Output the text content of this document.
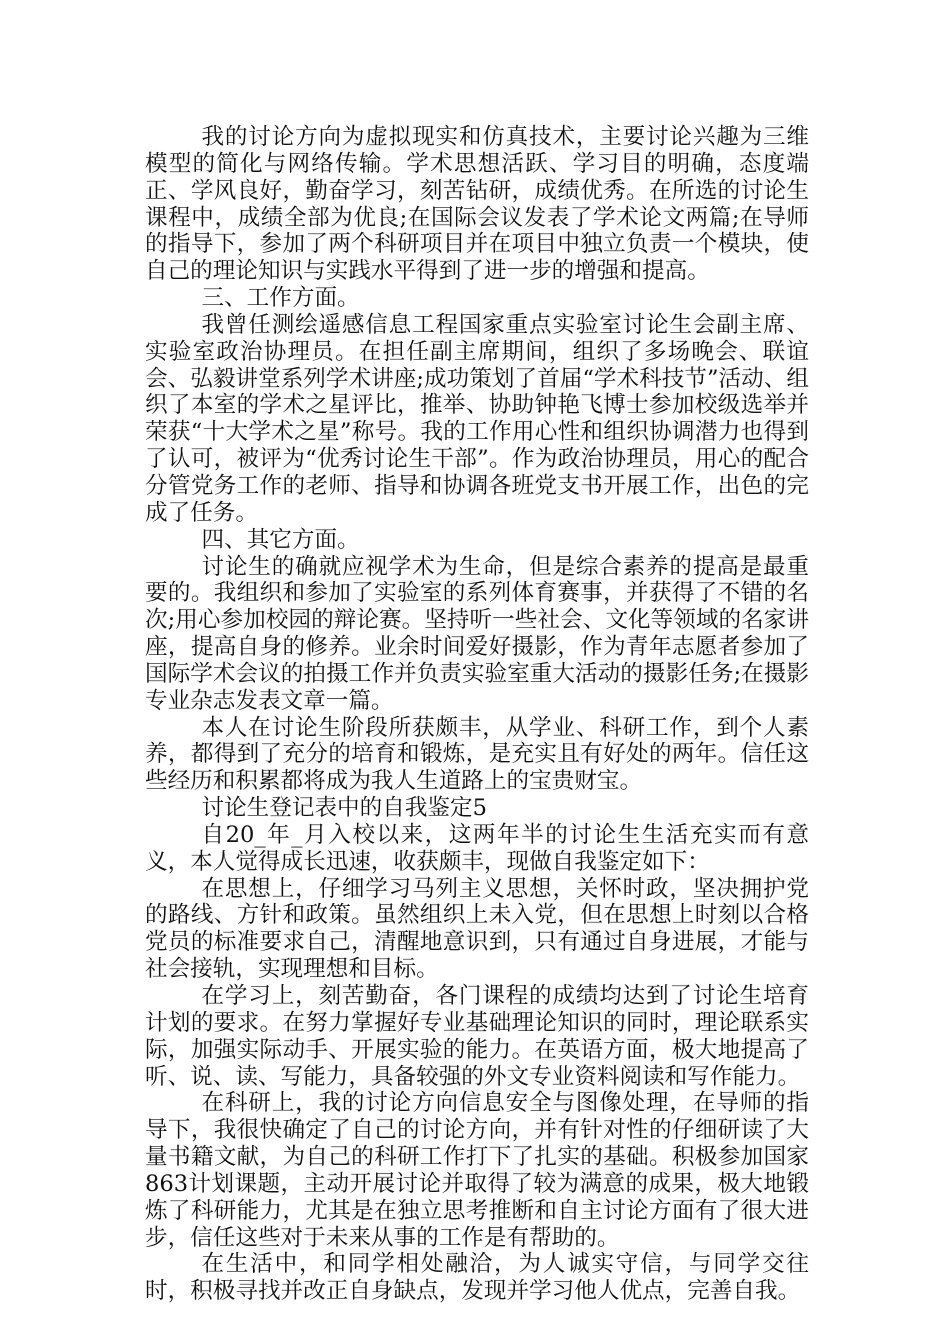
我的讨论方向为虚拟现实和仿真技术，主要讨论兴趣为三维模型的简化与网络传输。学术思想活跃、学习目的明确，态度端正、学风良好，勤奋学习，刻苦钻研，成绩优秀。在所选的讨论生课程中，成绩全部为优良;在国际会议发表了学术论文两篇;在导师的指导下，参加了两个科研项目并在项目中独立负责一个模块，使自己的理论知识与实践水平得到了进一步的增强和提高。

三、工作方面。

我曾任测绘遥感信息工程国家重点实验室讨论生会副主席、实验室政治协理员。在担任副主席期间，组织了多场晚会、联谊会、弘毅讲堂系列学术讲座;成功策划了首届“学术科技节”活动、组织了本室的学术之星评比，推举、协助钟艳飞博士参加校级选举并荣获“十大学术之星”称号。我的工作用心性和组织协调潜力也得到了认可，被评为“优秀讨论生干部”。作为政治协理员，用心的配合分管党务工作的老师、指导和协调各班党支书开展工作，出色的完成了任务。

四、其它方面。

讨论生的确就应视学术为生命，但是综合素养的提高是最重要的。我组织和参加了实验室的系列体育赛事，并获得了不错的名次;用心参加校园的辩论赛。坚持听一些社会、文化等领域的名家讲座，提高自身的修养。业余时间爱好摄影，作为青年志愿者参加了国际学术会议的拍摄工作并负责实验室重大活动的摄影任务;在摄影专业杂志发表文章一篇。

本人在讨论生阶段所获颇丰，从学业、科研工作，到个人素养，都得到了充分的培育和锻炼，是充实且有好处的两年。信任这些经历和积累都将成为我人生道路上的宝贵财宝。

讨论生登记表中的自我鉴定5

自20_年_月入校以来，这两年半的讨论生生活充实而有意义，本人觉得成长迅速，收获颇丰，现做自我鉴定如下：

在思想上，仔细学习马列主义思想，关怀时政，坚决拥护党的路线、方针和政策。虽然组织上未入党，但在思想上时刻以合格党员的标准要求自己，清醒地意识到，只有通过自身进展，才能与社会接轨，实现理想和目标。

在学习上，刻苦勤奋，各门课程的成绩均达到了讨论生培育计划的要求。在努力掌握好专业基础理论知识的同时，理论联系实际，加强实际动手、开展实验的能力。在英语方面，极大地提高了听、说、读、写能力，具备较强的外文专业资料阅读和写作能力。

在科研上，我的讨论方向信息安全与图像处理，在导师的指导下，我很快确定了自己的讨论方向，并有针对性的仔细研读了大量书籍文献，为自己的科研工作打下了扎实的基础。积极参加国家863计划课题，主动开展讨论并取得了较为满意的成果，极大地锻炼了科研能力，尤其是在独立思考推断和自主讨论方面有了很大进步，信任这些对于未来从事的工作是有帮助的。

在生活中，和同学相处融洽，为人诚实守信，与同学交往时，积极寻找并改正自身缺点，发现并学习他人优点，完善自我。
